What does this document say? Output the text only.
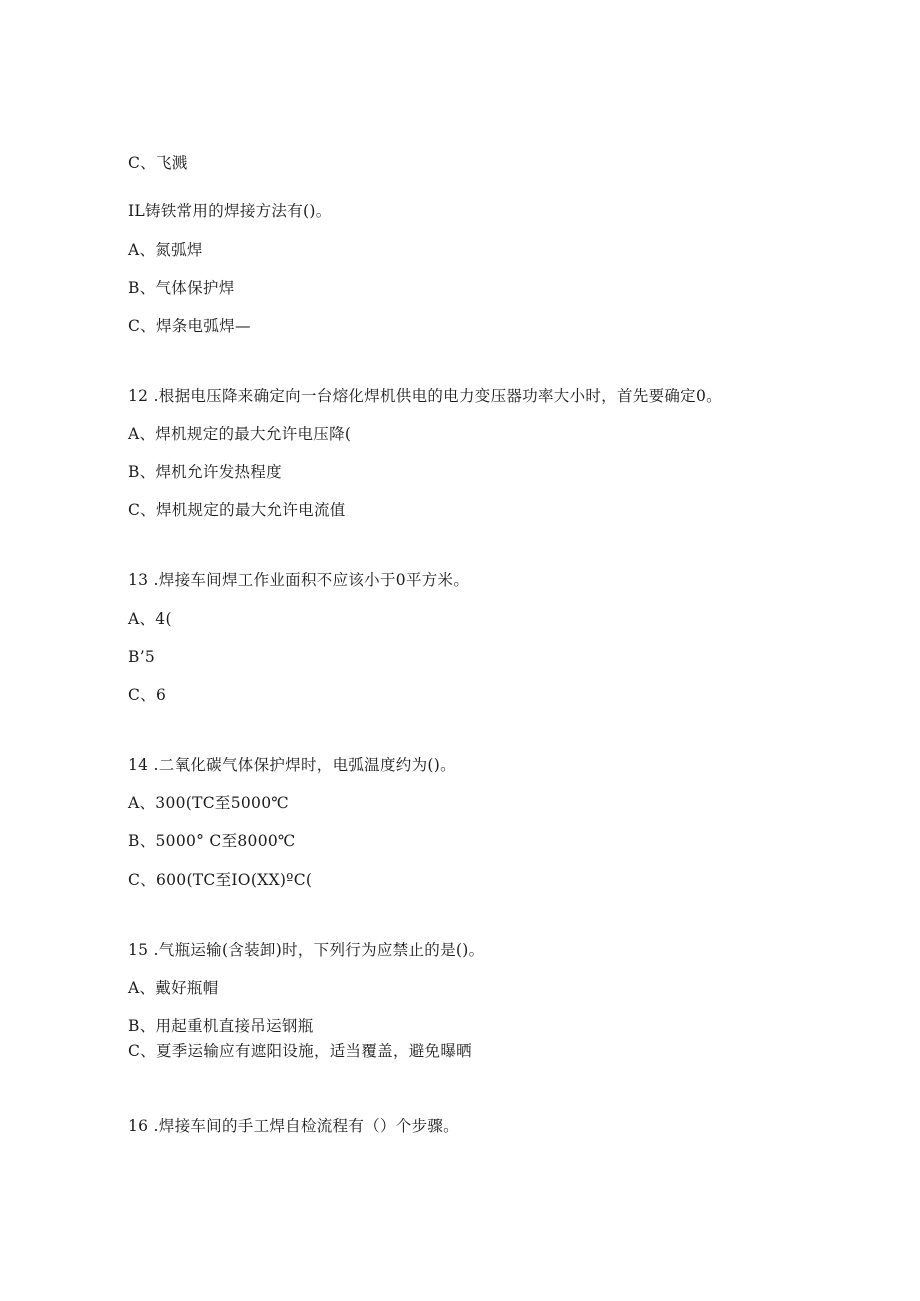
C、飞溅
IL铸铁常用的焊接方法有()。
A、氮弧焊
B、气体保护焊
C、焊条电弧焊—
12 .根据电压降来确定向一台熔化焊机供电的电力变压器功率大小时，首先要确定0。
A、焊机规定的最大允许电压降(
B、焊机允许发热程度
C、焊机规定的最大允许电流值
13 .焊接车间焊工作业面积不应该小于0平方米。
A、4(
B’5
C、6
14 .二氧化碳气体保护焊时，电弧温度约为()。
A、300(TC至5000℃
B、5000° C至8000℃
C、600(TC至IO(XX)ºC(
15 .气瓶运输(含装卸)时，下列行为应禁止的是()。
A、戴好瓶帽
B、用起重机直接吊运钢瓶
C、夏季运输应有遮阳设施，适当覆盖，避免曝晒
16 .焊接车间的手工焊自检流程有（）个步骤。
